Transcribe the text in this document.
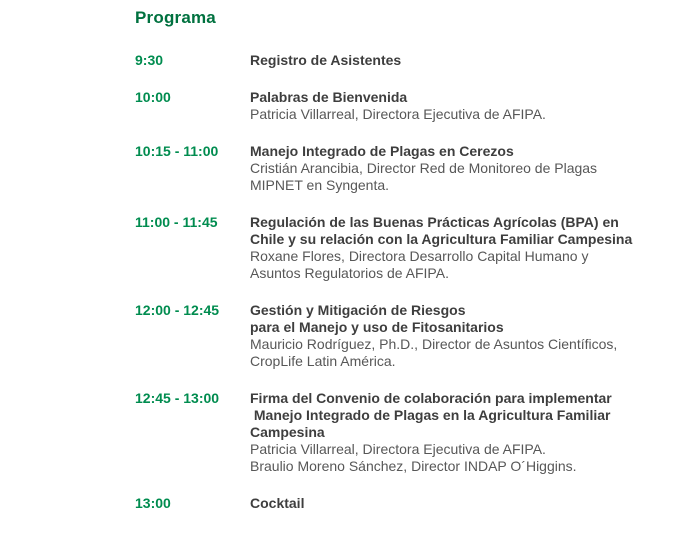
Programa
9:30	Registro de Asistentes
10:00	Palabras de Bienvenida
Patricia Villarreal, Directora Ejecutiva de AFIPA.
10:15 - 11:00	Manejo Integrado de Plagas en Cerezos
Cristián Arancibia, Director Red de Monitoreo de Plagas
MIPNET en Syngenta.
11:00 - 11:45	Regulación de las Buenas Prácticas Agrícolas (BPA) en
Chile y su relación con la Agricultura Familiar Campesina
Roxane Flores, Directora Desarrollo Capital Humano y
Asuntos Regulatorios de AFIPA.
12:00 - 12:45	Gestión y Mitigación de Riesgos
para el Manejo y uso de Fitosanitarios
Mauricio Rodríguez, Ph.D., Director de Asuntos Científicos,
CropLife Latin América.
12:45 - 13:00	Firma del Convenio de colaboración para implementar
Manejo Integrado de Plagas en la Agricultura Familiar
Campesina
Patricia Villarreal, Directora Ejecutiva de AFIPA.
Braulio Moreno Sánchez, Director INDAP O´Higgins.
13:00	Cocktail
